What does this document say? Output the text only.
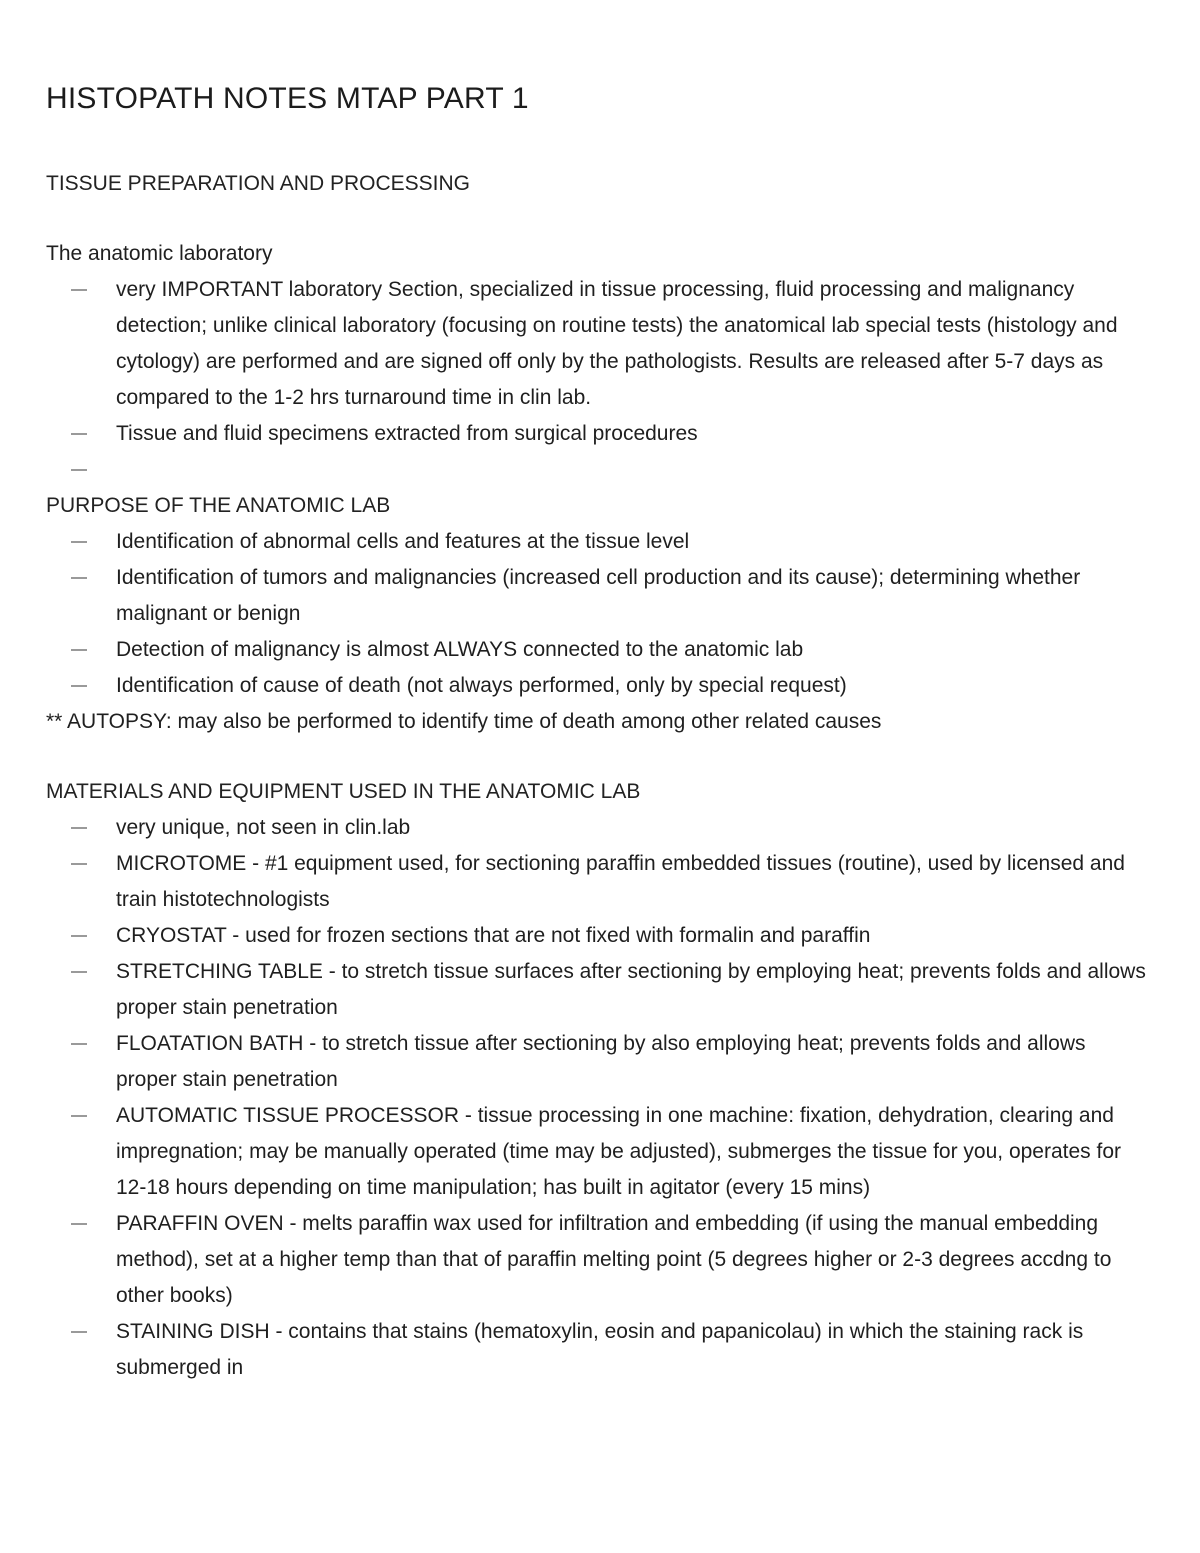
HISTOPATH NOTES MTAP PART 1

TISSUE PREPARATION AND PROCESSING

The anatomic laboratory

very IMPORTANT laboratory Section, specialized in tissue processing, fluid processing and malignancy detection; unlike clinical laboratory (focusing on routine tests) the anatomical lab special tests (histology and cytology) are performed and are signed off only by the pathologists. Results are released after 5-7 days as compared to the 1-2 hrs turnaround time in clin lab.
Tissue and fluid specimens extracted from surgical procedures

PURPOSE OF THE ANATOMIC LAB

Identification of abnormal cells and features at the tissue level
Identification of tumors and malignancies (increased cell production and its cause); determining whether malignant or benign
Detection of malignancy is almost ALWAYS connected to the anatomic lab
Identification of cause of death (not always performed, only by special request)

** AUTOPSY: may also be performed to identify time of death among other related causes

MATERIALS AND EQUIPMENT USED IN THE ANATOMIC LAB

very unique, not seen in clin.lab
MICROTOME - #1 equipment used, for sectioning paraffin embedded tissues (routine), used by licensed and train histotechnologists
CRYOSTAT - used for frozen sections that are not fixed with formalin and paraffin
STRETCHING TABLE - to stretch tissue surfaces after sectioning by employing heat; prevents folds and allows proper stain penetration
FLOATATION BATH - to stretch tissue after sectioning by also employing heat; prevents folds and allows proper stain penetration
AUTOMATIC TISSUE PROCESSOR - tissue processing in one machine: fixation, dehydration, clearing and impregnation; may be manually operated (time may be adjusted), submerges the tissue for you, operates for 12-18 hours depending on time manipulation; has built in agitator (every 15 mins)
PARAFFIN OVEN - melts paraffin wax used for infiltration and embedding (if using the manual embedding method), set at a higher temp than that of paraffin melting point (5 degrees higher or 2-3 degrees accdng to other books)
STAINING DISH - contains that stains (hematoxylin, eosin and papanicolau) in which the staining rack is submerged in
